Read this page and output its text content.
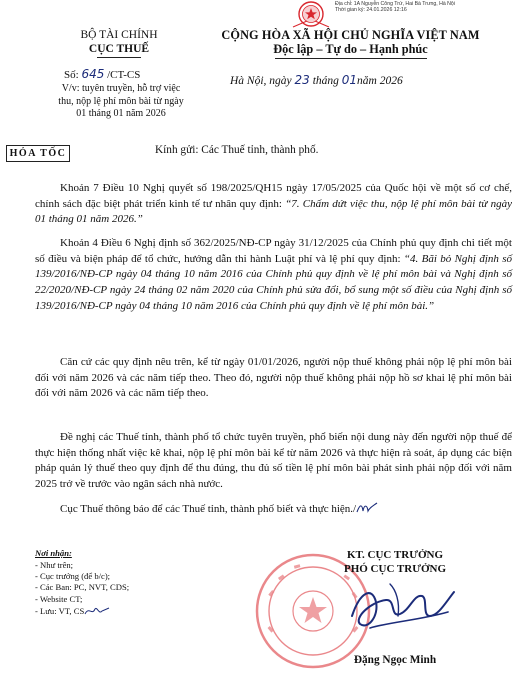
Địa chỉ: 1A Nguyễn Công Trứ, Hai Bà Trưng, Hà Nội
Thời gian ký: 24.01.2026 12:16
BỘ TÀI CHÍNH
CỤC THUẾ
Số: 645 /CT-CS
V/v: tuyên truyền, hỗ trợ việc
thu, nộp lệ phí môn bài từ ngày
01 tháng 01 năm 2026
CỘNG HÒA XÃ HỘI CHỦ NGHĨA VIỆT NAM
Độc lập – Tự do – Hạnh phúc
Hà Nội, ngày 23 tháng 01năm 2026
HỎA TỐC	Kính gửi: Các Thuế tỉnh, thành phố.
Khoản 7 Điều 10 Nghị quyết số 198/2025/QH15 ngày 17/05/2025 của Quốc hội về một số cơ chế, chính sách đặc biệt phát triển kinh tế tư nhân quy định: “7. Chấm dứt việc thu, nộp lệ phí môn bài từ ngày 01 tháng 01 năm 2026.”
Khoản 4 Điều 6 Nghị định số 362/2025/NĐ-CP ngày 31/12/2025 của Chính phủ quy định chi tiết một số điều và biện pháp để tổ chức, hướng dẫn thi hành Luật phí và lệ phí quy định: “4. Bãi bỏ Nghị định số 139/2016/NĐ-CP ngày 04 tháng 10 năm 2016 của Chính phủ quy định về lệ phí môn bài và Nghị định số 22/2020/NĐ-CP ngày 24 tháng 02 năm 2020 của Chính phủ sửa đổi, bổ sung một số điều của Nghị định số 139/2016/NĐ-CP ngày 04 tháng 10 năm 2016 của Chính phủ quy định về lệ phí môn bài.”
Căn cứ các quy định nêu trên, kể từ ngày 01/01/2026, người nộp thuế không phải nộp lệ phí môn bài đối với năm 2026 và các năm tiếp theo. Theo đó, người nộp thuế không phải nộp hồ sơ khai lệ phí môn bài đối với năm 2026 và các năm tiếp theo.
Đề nghị các Thuế tỉnh, thành phố tổ chức tuyên truyền, phổ biến nội dung này đến người nộp thuế để thực hiện thống nhất việc kê khai, nộp lệ phí môn bài kể từ năm 2026 và thực hiện rà soát, áp dụng các biện pháp quản lý thuế theo quy định để thu đúng, thu đủ số tiền lệ phí môn bài phát sinh phải nộp đối với năm 2025 trở về trước vào ngân sách nhà nước.
Cục Thuế thông báo để các Thuế tỉnh, thành phố biết và thực hiện./
Nơi nhận:
- Như trên;
- Cục trưởng (để b/c);
- Các Ban: PC, NVT, CDS;
- Website CT;
- Lưu: VT, CS
KT. CỤC TRƯỞNG
PHÓ CỤC TRƯỞNG
Đặng Ngọc Minh
